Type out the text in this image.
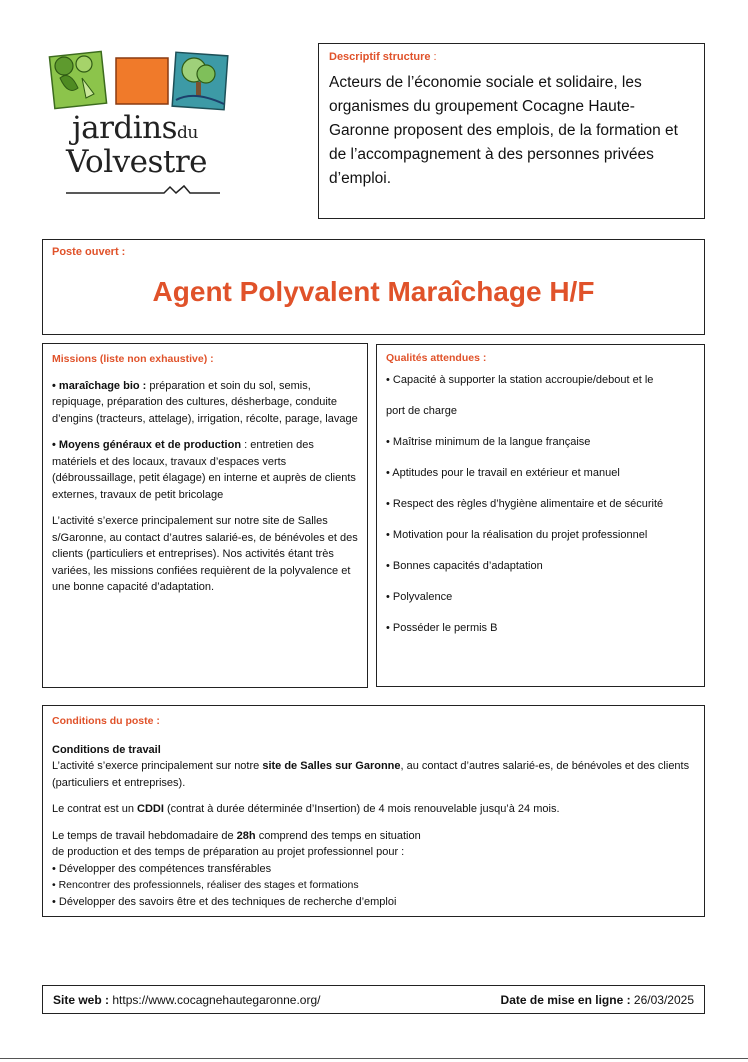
jardinsdu
Volvestre
Descriptif structure :
Acteurs de l’économie sociale et solidaire, les organismes du groupement Cocagne Haute-Garonne proposent des emplois, de la formation et de l’accompagnement à des personnes privées d’emploi.
Poste ouvert :
Agent Polyvalent Maraîchage H/F
Missions (liste non exhaustive) :

• maraîchage bio : préparation et soin du sol, semis, repiquage, préparation des cultures, désherbage, conduite d’engins (tracteurs, attelage), irrigation, récolte, parage, lavage

• Moyens généraux et de production : entretien des matériels et des locaux, travaux d’espaces verts (débroussaillage, petit élagage) en interne et auprès de clients externes, travaux de petit bricolage

L’activité s’exerce principalement sur notre site de Salles s/Garonne, au contact d’autres salarié-es, de bénévoles et des clients (particuliers et entreprises). Nos activités étant très variées, les missions confiées requièrent de la polyvalence et une bonne capacité d’adaptation.

Qualités attendues :
• Capacité à supporter la station accroupie/debout et le
port de charge
• Maîtrise minimum de la langue française
• Aptitudes pour le travail en extérieur et manuel
• Respect des règles d’hygiène alimentaire et de sécurité
• Motivation pour la réalisation du projet professionnel
• Bonnes capacités d’adaptation
• Polyvalence
• Posséder le permis B
Conditions du poste :

Conditions de travail

L’activité s’exerce principalement sur notre site de Salles sur Garonne, au contact d’autres salarié-es, de bénévoles et des clients (particuliers et entreprises).

Le contrat est un CDDI (contrat à durée déterminée d’Insertion) de 4 mois renouvelable jusqu’à 24 mois.

Le temps de travail hebdomadaire de 28h comprend des temps en situation

de production et des temps de préparation au projet professionnel pour :

• Développer des compétences transférables

• Rencontrer des professionnels, réaliser des stages et formations

• Développer des savoirs être et des techniques de recherche d’emploi

Site web : https://www.cocagnehautegaronne.org/	Date de mise en ligne : 26/03/2025
